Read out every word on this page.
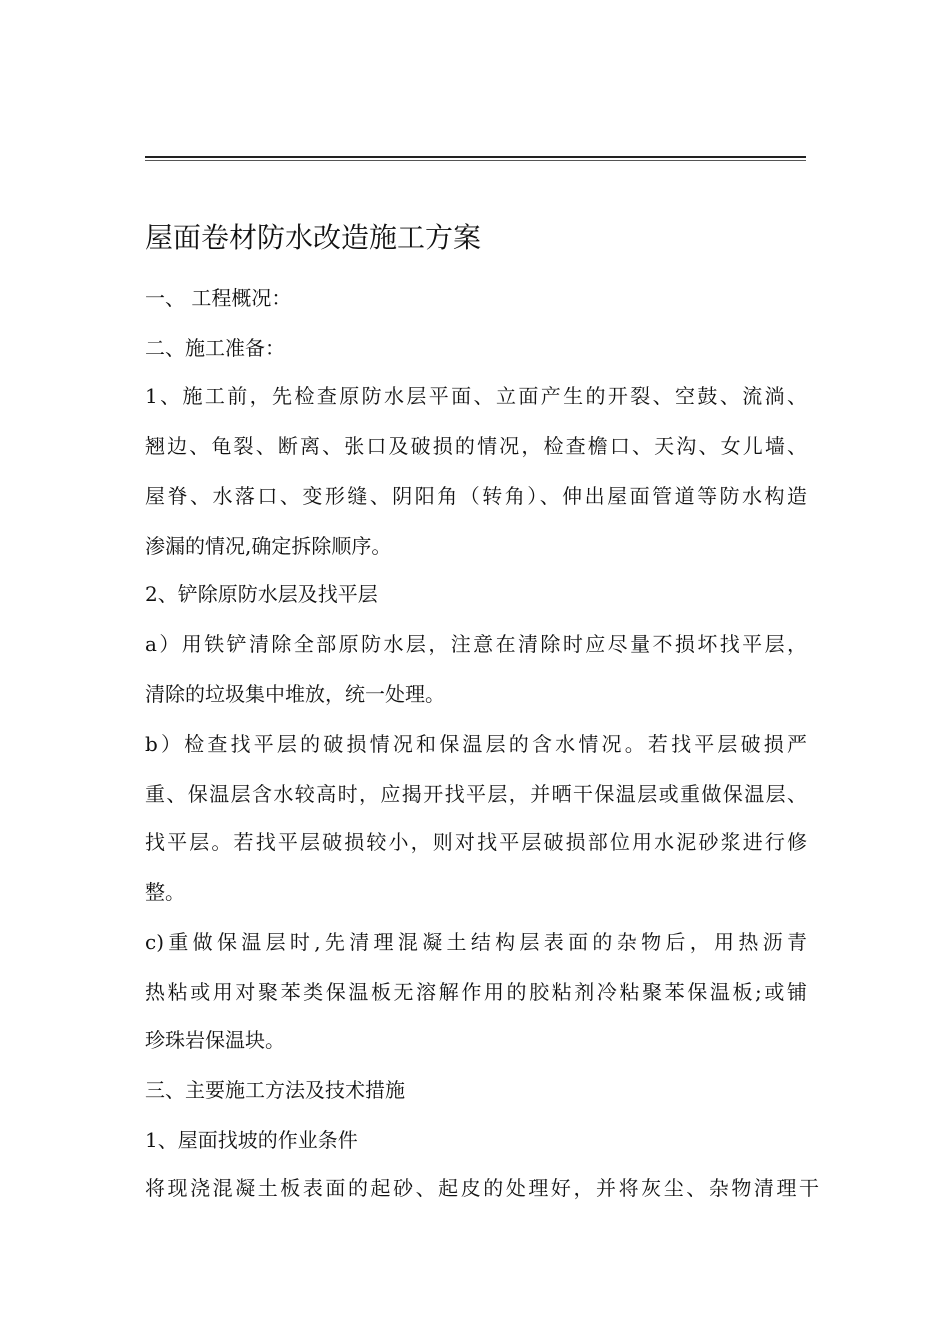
屋面卷材防水改造施工方案
一、 工程概况：
二、施工准备：
1、施工前，先检查原防水层平面、立面产生的开裂、空鼓、流淌、
翘边、龟裂、断离、张口及破损的情况，检查檐口、天沟、女儿墙、
屋脊、水落口、变形缝、阴阳角（转角）、伸出屋面管道等防水构造
渗漏的情况,确定拆除顺序。
2、铲除原防水层及找平层
a）用铁铲清除全部原防水层，注意在清除时应尽量不损坏找平层，
清除的垃圾集中堆放，统一处理。
b）检查找平层的破损情况和保温层的含水情况。若找平层破损严
重、保温层含水较高时，应揭开找平层，并晒干保温层或重做保温层、
找平层。若找平层破损较小，则对找平层破损部位用水泥砂浆进行修
整。
c)重做保温层时,先清理混凝土结构层表面的杂物后，用热沥青
热粘或用对聚苯类保温板无溶解作用的胶粘剂冷粘聚苯保温板;或铺
珍珠岩保温块。
三、主要施工方法及技术措施
1、屋面找坡的作业条件
将现浇混凝土板表面的起砂、起皮的处理好，并将灰尘、杂物清理干
